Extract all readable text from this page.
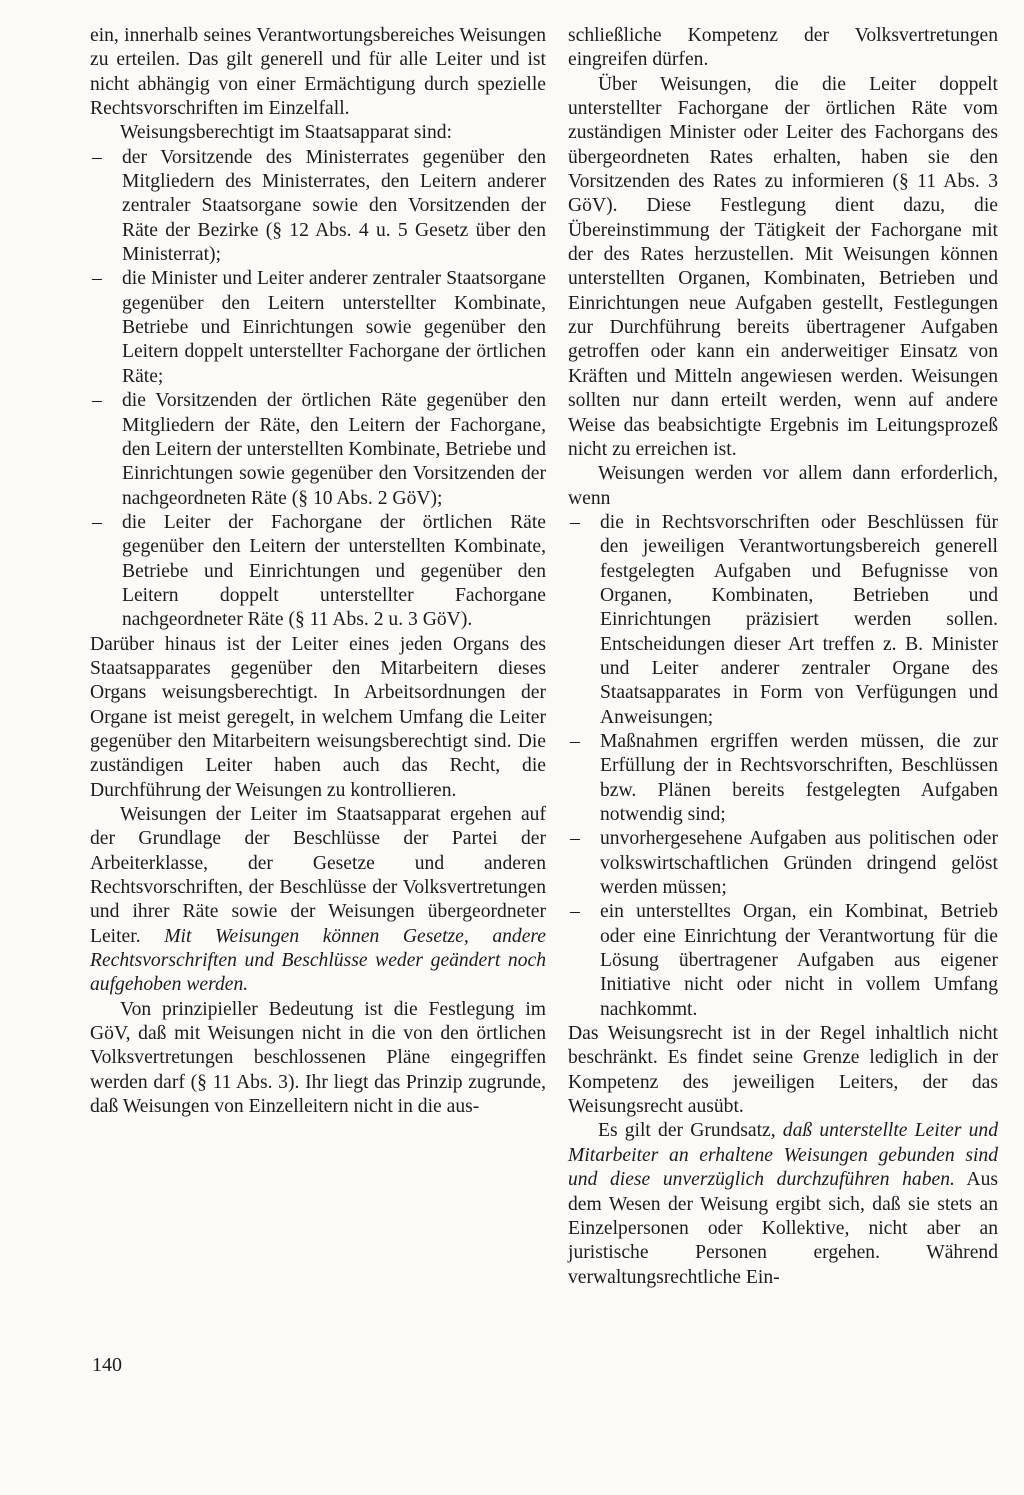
ein, innerhalb seines Verantwortungsbereiches Weisungen zu erteilen. Das gilt generell und für alle Leiter und ist nicht abhängig von einer Ermächtigung durch spezielle Rechtsvorschriften im Einzelfall.

Weisungsberechtigt im Staatsapparat sind:

– der Vorsitzende des Ministerrates gegenüber den Mitgliedern des Ministerrates, den Leitern anderer zentraler Staatsorgane sowie den Vorsitzenden der Räte der Bezirke (§ 12 Abs. 4 u. 5 Gesetz über den Ministerrat);
– die Minister und Leiter anderer zentraler Staatsorgane gegenüber den Leitern unterstellter Kombinate, Betriebe und Einrichtungen sowie gegenüber den Leitern doppelt unterstellter Fachorgane der örtlichen Räte;
– die Vorsitzenden der örtlichen Räte gegenüber den Mitgliedern der Räte, den Leitern der Fachorgane, den Leitern der unterstellten Kombinate, Betriebe und Einrichtungen sowie gegenüber den Vorsitzenden der nachgeordneten Räte (§ 10 Abs. 2 GöV);
– die Leiter der Fachorgane der örtlichen Räte gegenüber den Leitern der unterstellten Kombinate, Betriebe und Einrichtungen und gegenüber den Leitern doppelt unterstellter Fachorgane nachgeordneter Räte (§ 11 Abs. 2 u. 3 GöV).

Darüber hinaus ist der Leiter eines jeden Organs des Staatsapparates gegenüber den Mitarbeitern dieses Organs weisungsberechtigt. In Arbeitsordnungen der Organe ist meist geregelt, in welchem Umfang die Leiter gegenüber den Mitarbeitern weisungsberechtigt sind. Die zuständigen Leiter haben auch das Recht, die Durchführung der Weisungen zu kontrollieren.

Weisungen der Leiter im Staatsapparat ergehen auf der Grundlage der Beschlüsse der Partei der Arbeiterklasse, der Gesetze und anderen Rechtsvorschriften, der Beschlüsse der Volksvertretungen und ihrer Räte sowie der Weisungen übergeordneter Leiter. Mit Weisungen können Gesetze, andere Rechtsvorschriften und Beschlüsse weder geändert noch aufgehoben werden.

Von prinzipieller Bedeutung ist die Festlegung im GöV, daß mit Weisungen nicht in die von den örtlichen Volksvertretungen beschlossenen Pläne eingegriffen werden darf (§ 11 Abs. 3). Ihr liegt das Prinzip zugrunde, daß Weisungen von Einzelleitern nicht in die aus-

schließliche Kompetenz der Volksvertretungen eingreifen dürfen.

Über Weisungen, die die Leiter doppelt unterstellter Fachorgane der örtlichen Räte vom zuständigen Minister oder Leiter des Fachorgans des übergeordneten Rates erhalten, haben sie den Vorsitzenden des Rates zu informieren (§ 11 Abs. 3 GöV). Diese Festlegung dient dazu, die Übereinstimmung der Tätigkeit der Fachorgane mit der des Rates herzustellen. Mit Weisungen können unterstellten Organen, Kombinaten, Betrieben und Einrichtungen neue Aufgaben gestellt, Festlegungen zur Durchführung bereits übertragener Aufgaben getroffen oder kann ein anderweitiger Einsatz von Kräften und Mitteln angewiesen werden. Weisungen sollten nur dann erteilt werden, wenn auf andere Weise das beabsichtigte Ergebnis im Leitungsprozeß nicht zu erreichen ist.

Weisungen werden vor allem dann erforderlich, wenn

– die in Rechtsvorschriften oder Beschlüssen für den jeweiligen Verantwortungsbereich generell festgelegten Aufgaben und Befugnisse von Organen, Kombinaten, Betrieben und Einrichtungen präzisiert werden sollen. Entscheidungen dieser Art treffen z. B. Minister und Leiter anderer zentraler Organe des Staatsapparates in Form von Verfügungen und Anweisungen;
– Maßnahmen ergriffen werden müssen, die zur Erfüllung der in Rechtsvorschriften, Beschlüssen bzw. Plänen bereits festgelegten Aufgaben notwendig sind;
– unvorhergesehene Aufgaben aus politischen oder volkswirtschaftlichen Gründen dringend gelöst werden müssen;
– ein unterstelltes Organ, ein Kombinat, Betrieb oder eine Einrichtung der Verantwortung für die Lösung übertragener Aufgaben aus eigener Initiative nicht oder nicht in vollem Umfang nachkommt.

Das Weisungsrecht ist in der Regel inhaltlich nicht beschränkt. Es findet seine Grenze lediglich in der Kompetenz des jeweiligen Leiters, der das Weisungsrecht ausübt.

Es gilt der Grundsatz, daß unterstellte Leiter und Mitarbeiter an erhaltene Weisungen gebunden sind und diese unverzüglich durchzuführen haben. Aus dem Wesen der Weisung ergibt sich, daß sie stets an Einzelpersonen oder Kollektive, nicht aber an juristische Personen ergehen. Während verwaltungsrechtliche Ein-

140
